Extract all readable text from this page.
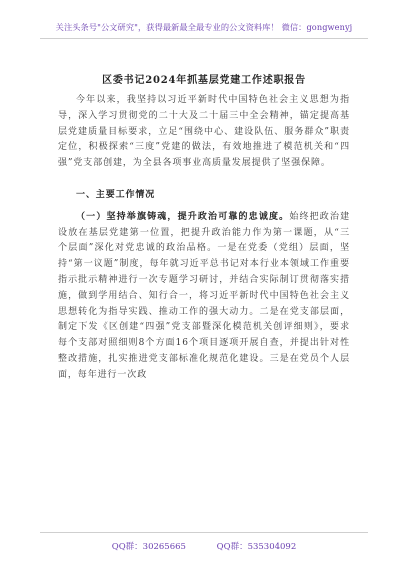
关注头条号"公文研究"，获得最新最全最专业的公文资料库！ 微信：gongwenyj
区委书记2024年抓基层党建工作述职报告

今年以来，我坚持以习近平新时代中国特色社会主义思想为指导，深入学习贯彻党的二十大及二十届三中全会精神，锚定提高基层党建质量目标要求，立足“围绕中心、建设队伍、服务群众”职责定位，积极探索“三度”党建的做法，有效地推进了模范机关和“四强”党支部创建，为全县各项事业高质量发展提供了坚强保障。

一、主要工作情况

（一）坚持举旗铸魂，提升政治可靠的忠诚度。始终把政治建设放在基层党建第一位置，把提升政治能力作为第一课题，从“三个层面”深化对党忠诚的政治品格。一是在党委（党组）层面，坚持“第一议题”制度，每年就习近平总书记对本行业本领域工作重要指示批示精神进行一次专题学习研讨，并结合实际制订贯彻落实措施，做到学用结合、知行合一，将习近平新时代中国特色社会主义思想转化为指导实践、推动工作的强大动力。二是在党支部层面，制定下发《区创建“四强”党支部暨深化模范机关创评细则》，要求每个支部对照细则8个方面16个项目逐项开展自查，并提出针对性整改措施，扎实推进党支部标准化规范化建设。三是在党员个人层面，每年进行一次政

QQ群：30265665	QQ群：535304092
